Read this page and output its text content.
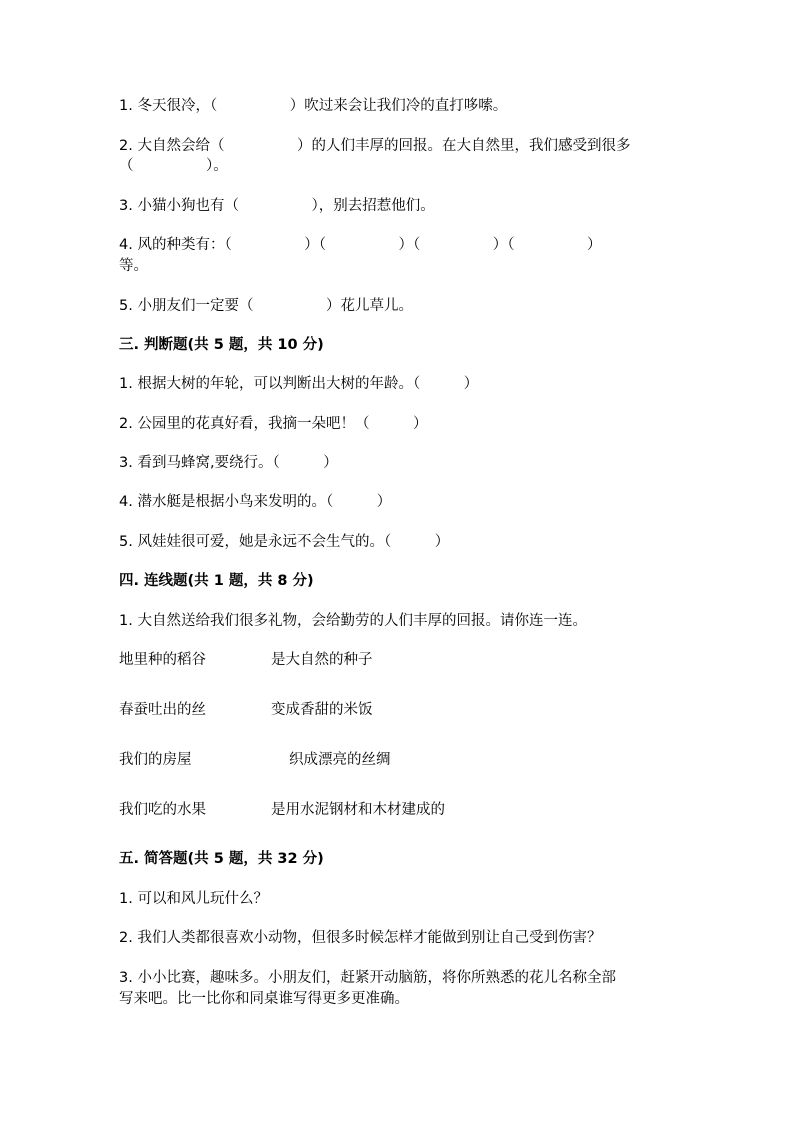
1. 冬天很冷，（　　　　　）吹过来会让我们冷的直打哆嗦。
2. 大自然会给（　　　　　）的人们丰厚的回报。在大自然里，我们感受到很多
（　　　　　）。
3. 小猫小狗也有（　　　　　），别去招惹他们。
4. 风的种类有：（　　　　　）（　　　　　）（　　　　　）（　　　　　）
等。
5. 小朋友们一定要（　　　　　）花儿草儿。
三. 判断题(共 5 题，共 10 分)
1. 根据大树的年轮，可以判断出大树的年龄。（　　　）
2. 公园里的花真好看，我摘一朵吧！（　　　）
3. 看到马蜂窝,要绕行。（　　　）
4. 潜水艇是根据小鸟来发明的。（　　　）
5. 风娃娃很可爱，她是永远不会生气的。（　　　）
四. 连线题(共 1 题，共 8 分)
1. 大自然送给我们很多礼物，会给勤劳的人们丰厚的回报。请你连一连。
地里种的稻谷	是大自然的种子
春蚕吐出的丝	变成香甜的米饭
我们的房屋	织成漂亮的丝绸
我们吃的水果	是用水泥钢材和木材建成的
五. 简答题(共 5 题，共 32 分)
1. 可以和风儿玩什么？
2. 我们人类都很喜欢小动物，但很多时候怎样才能做到别让自己受到伤害？
3. 小小比赛，趣味多。小朋友们，赶紧开动脑筋，将你所熟悉的花儿名称全部
写来吧。比一比你和同桌谁写得更多更准确。
